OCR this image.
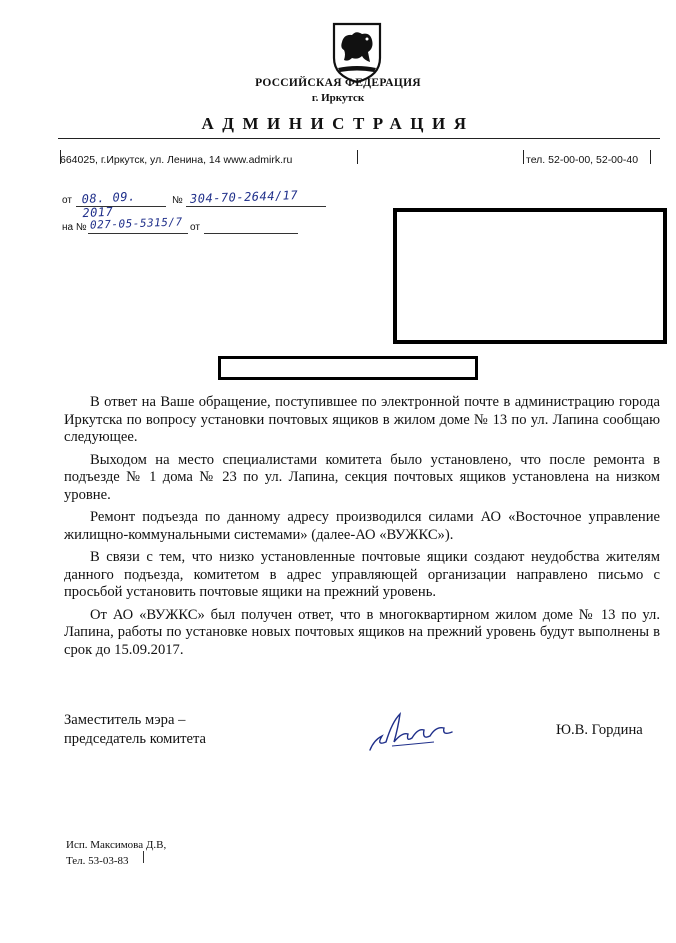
РОССИЙСКАЯ ФЕДЕРАЦИЯ
г. Иркутск
АДМИНИСТРАЦИЯ
664025, г.Иркутск, ул. Ленина, 14 www.admirk.ru	тел. 52-00-00, 52-00-40
от 08. 09. 2017
№ 304-70-2644/17
на № 027-05-5315/7 от

В ответ на Ваше обращение, поступившее по электронной почте в администрацию города Иркутска по вопросу установки почтовых ящиков в жилом доме № 13 по ул. Лапина сообщаю следующее.

Выходом на место специалистами комитета было установлено, что после ремонта в подъезде № 1 дома № 23 по ул. Лапина, секция почтовых ящиков установлена на низком уровне.

Ремонт подъезда по данному адресу производился силами АО «Восточное управление жилищно-коммунальными системами» (далее-АО «ВУЖКС»).

В связи с тем, что низко установленные почтовые ящики создают неудобства жителям данного подъезда, комитетом в адрес управляющей организации направлено письмо с просьбой установить почтовые ящики на прежний уровень.

От АО «ВУЖКС» был получен ответ, что в многоквартирном жилом доме № 13 по ул. Лапина, работы по установке новых почтовых ящиков на прежний уровень будут выполнены в срок до 15.09.2017.

Заместитель мэра –
председатель комитета
Ю.В. Гордина
Исп. Максимова Д.В,
Тел. 53-03-83
